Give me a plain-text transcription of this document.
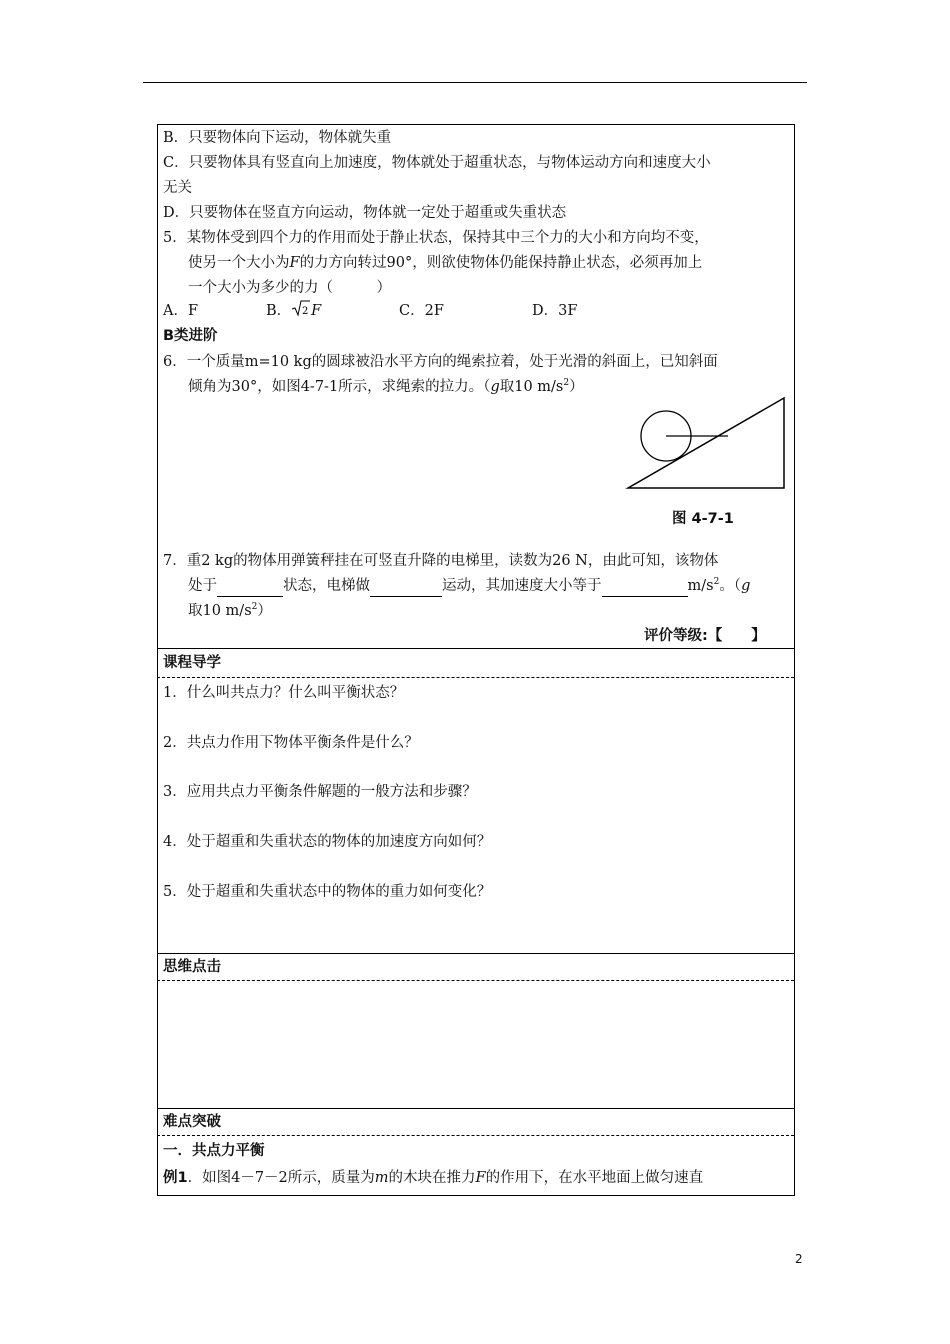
B．只要物体向下运动，物体就失重
C．只要物体具有竖直向上加速度，物体就处于超重状态，与物体运动方向和速度大小
无关
D．只要物体在竖直方向运动，物体就一定处于超重或失重状态
5．某物体受到四个力的作用而处于静止状态，保持其中三个力的大小和方向均不变，
使另一个大小为F的力方向转过90°，则欲使物体仍能保持静止状态，必须再加上
一个大小为多少的力（　　　）
A．F	B． 2 F	C．2F	D．3F
B类进阶
6．一个质量m=10 kg的圆球被沿水平方向的绳索拉着，处于光滑的斜面上，已知斜面
倾角为30°，如图4-7-1所示，求绳索的拉力。（g取10 $m/s^2$）
图 4-7-1
7．重2 kg的物体用弹簧秤挂在可竖直升降的电梯里，读数为26 N，由此可知，该物体
处于	状态，电梯做	运动，其加速度大小等于	$m/s^2$。（g
取10 $m/s^2$）
评价等级:【　　】
课程导学
1．什么叫共点力？什么叫平衡状态？
2．共点力作用下物体平衡条件是什么？
3．应用共点力平衡条件解题的一般方法和步骤？
4．处于超重和失重状态的物体的加速度方向如何？
5．处于超重和失重状态中的物体的重力如何变化？
思维点击
难点突破
一．共点力平衡
例1．如图4－7－2所示，质量为m的木块在推力F的作用下，在水平地面上做匀速直
2
